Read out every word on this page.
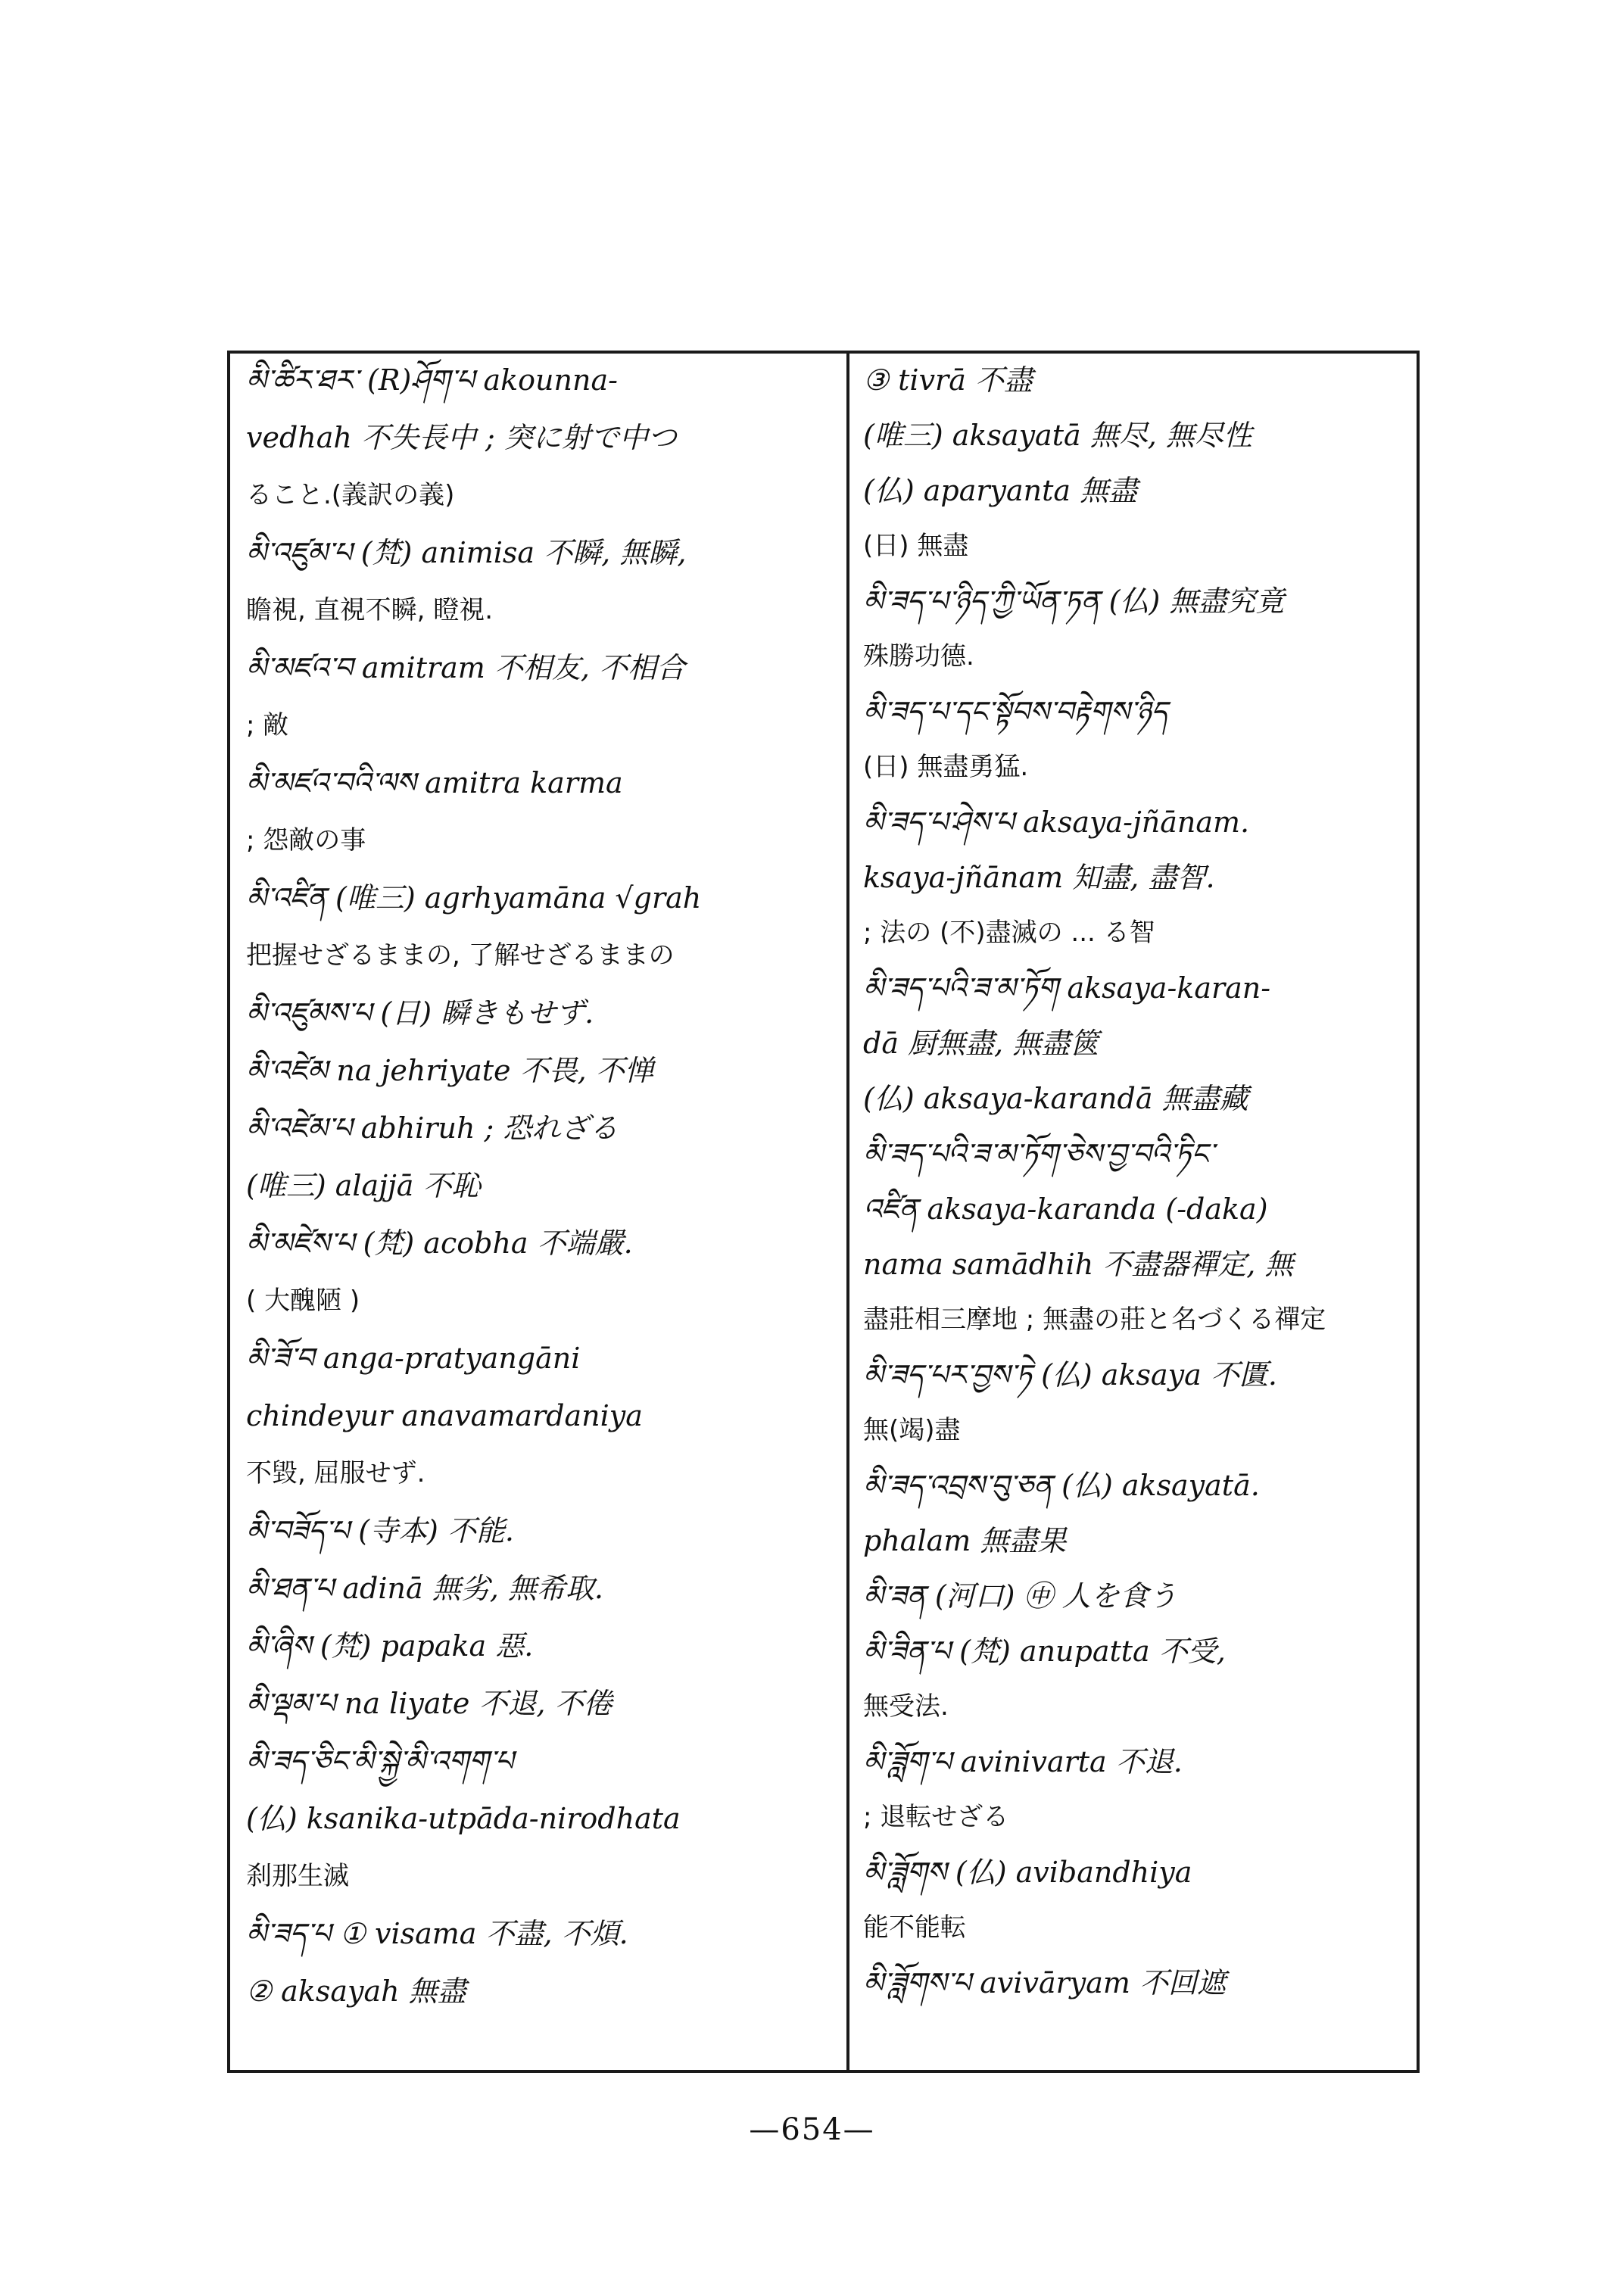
མི་ཚིར་ཐར་ (R)ཤོག་པ akounna-
vedhah 不失長中 ; 突に射で中つ
ること.(義訳の義)
མི་འཛུམ་པ (梵) animisa 不瞬, 無瞬,
瞻視, 直視不瞬, 瞪視.
མི་མཛའ་བ amitram 不相友, 不相合
; 敵
མི་མཛའ་བའི་ལས amitra karma
; 怨敵の事
མི་འཛིན (唯三) agrhyamāna √grah
把握せざるままの, 了解せざるままの
མི་འཛུམས་པ (日) 瞬きもせず.
མི་འཛེམ na jehriyate 不畏, 不惮
མི་འཛེམ་པ abhiruh ; 恐れざる
(唯三) alajjā 不恥
མི་མཛེས་པ (梵) acobha 不端嚴.
( 大醜陋 )
མི་ཟོ་བ anga-pratyangāni
chindeyur anavamardaniya
不毀, 屈服せず.
མི་བཟོད་པ (寺本) 不能.
མི་ཐན་པ adinā 無劣, 無希取.
མི་ཞིས (梵) papaka 惡.
མི་ལྡམ་པ na liyate 不退, 不倦
མི་ཟད་ཅིང་མི་སྐྱེ་མི་འགག་པ
(仏) ksanika-utpāda-nirodhata
刹那生滅
མི་ཟད་པ ① visama 不盡, 不煩.
② aksayah 無盡
③ tivrā 不盡
(唯三) aksayatā 無尽, 無尽性
(仏) aparyanta 無盡
(日) 無盡
མི་ཟད་པ་ཉིད་ཀྱི་ཡོན་ཏན (仏) 無盡究竟
殊勝功德.
མི་ཟད་པ་དང་སྟོབས་བརྟེགས་ཉིད
(日) 無盡勇猛.
མི་ཟད་པ་ཤེས་པ aksaya-jñānam.
ksaya-jñānam 知盡, 盡智.
; 法の (不)盡滅の ... る智
མི་ཟད་པའི་ཟ་མ་ཏོག aksaya-karan-
dā 厨無盡, 無盡篋
(仏) aksaya-karandā 無盡藏
མི་ཟད་པའི་ཟ་མ་ཏོག་ཅེས་བྱ་བའི་ཏིང་
འཛིན aksaya-karanda (-daka)
nama samādhih 不盡器禪定, 無
盡莊相三摩地 ; 無盡の莊と名づくる禪定
མི་ཟད་པར་བྱས་ཏེ (仏) aksaya 不匱.
無(竭)盡
མི་ཟད་འབྲས་བུ་ཅན (仏) aksayatā.
phalam 無盡果
མི་ཟན (河口) ㊥ 人を食う
མི་ཟིན་པ (梵) anupatta 不受,
無受法.
མི་ཟློག་པ avinivarta 不退.
; 退転せざる
མི་ཟློགས (仏) avibandhiya
能不能転
མི་ཟློགས་པ avivāryam 不回遮
—654—
